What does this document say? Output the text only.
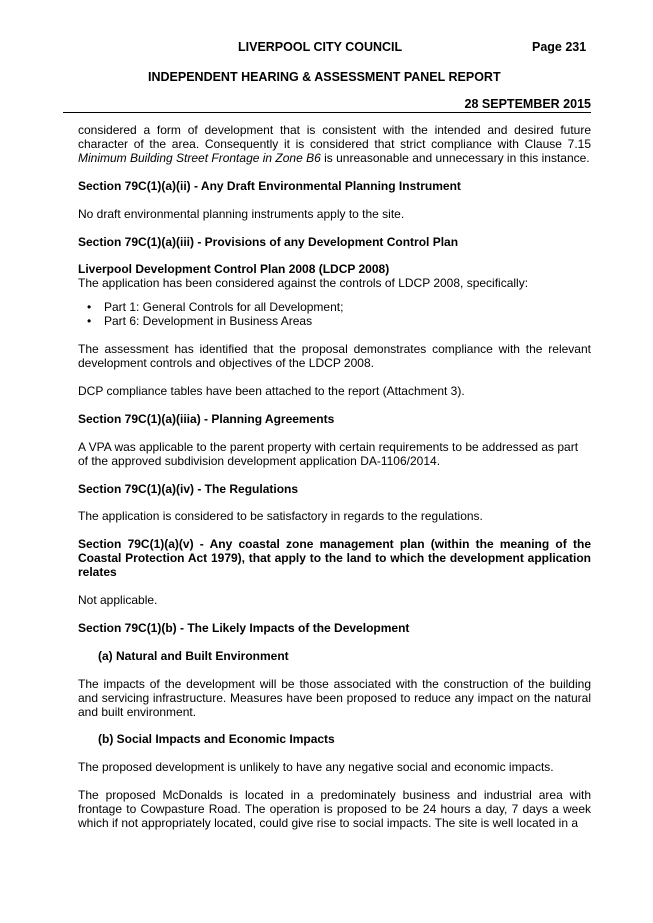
LIVERPOOL CITY COUNCIL	Page 231
INDEPENDENT HEARING & ASSESSMENT PANEL REPORT
28 SEPTEMBER 2015

considered a form of development that is consistent with the intended and desired future character of the area. Consequently it is considered that strict compliance with Clause 7.15 Minimum Building Street Frontage in Zone B6 is unreasonable and unnecessary in this instance.

Section 79C(1)(a)(ii) - Any Draft Environmental Planning Instrument

No draft environmental planning instruments apply to the site.

Section 79C(1)(a)(iii) - Provisions of any Development Control Plan

Liverpool Development Control Plan 2008 (LDCP 2008)

The application has been considered against the controls of LDCP 2008, specifically:

• Part 1: General Controls for all Development;
• Part 6: Development in Business Areas

The assessment has identified that the proposal demonstrates compliance with the relevant development controls and objectives of the LDCP 2008.

DCP compliance tables have been attached to the report (Attachment 3).

Section 79C(1)(a)(iiia) - Planning Agreements

A VPA was applicable to the parent property with certain requirements to be addressed as part of the approved subdivision development application DA-1106/2014.

Section 79C(1)(a)(iv) - The Regulations

The application is considered to be satisfactory in regards to the regulations.

Section 79C(1)(a)(v) - Any coastal zone management plan (within the meaning of the Coastal Protection Act 1979), that apply to the land to which the development application relates

Not applicable.

Section 79C(1)(b) - The Likely Impacts of the Development

(a) Natural and Built Environment

The impacts of the development will be those associated with the construction of the building and servicing infrastructure. Measures have been proposed to reduce any impact on the natural and built environment.

(b) Social Impacts and Economic Impacts

The proposed development is unlikely to have any negative social and economic impacts.

The proposed McDonalds is located in a predominately business and industrial area with frontage to Cowpasture Road. The operation is proposed to be 24 hours a day, 7 days a week which if not appropriately located, could give rise to social impacts. The site is well located in a
